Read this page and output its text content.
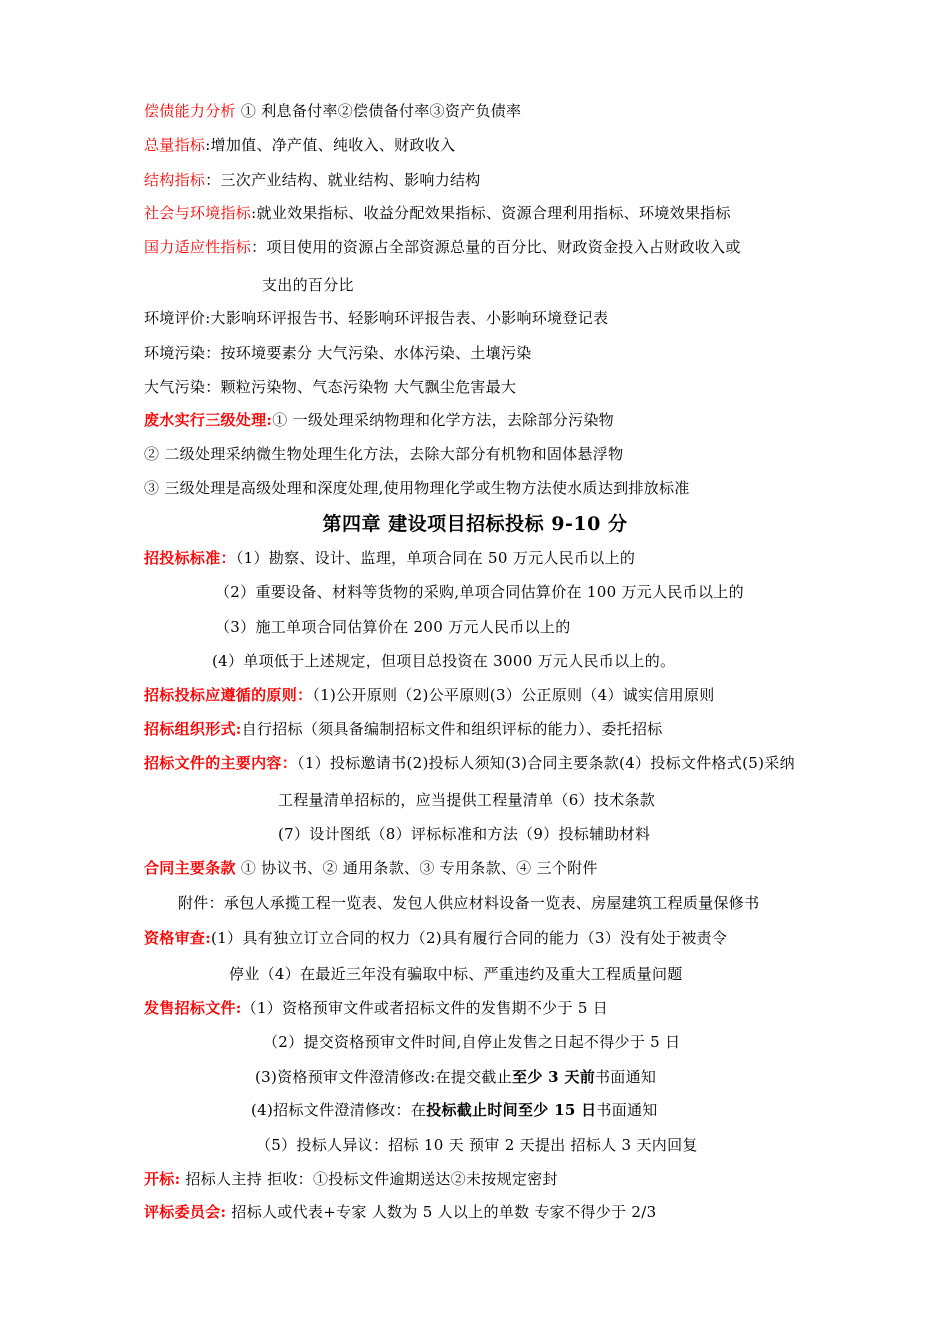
偿债能力分析 ① 利息备付率②偿债备付率③资产负债率
总量指标:增加值、净产值、纯收入、财政收入
结构指标：三次产业结构、就业结构、影响力结构
社会与环境指标:就业效果指标、收益分配效果指标、资源合理利用指标、环境效果指标
国力适应性指标：项目使用的资源占全部资源总量的百分比、财政资金投入占财政收入或
支出的百分比
环境评价:大影响环评报告书、轻影响环评报告表、小影响环境登记表
环境污染：按环境要素分 大气污染、水体污染、土壤污染
大气污染：颗粒污染物、气态污染物 大气飘尘危害最大
废水实行三级处理:① 一级处理采纳物理和化学方法，去除部分污染物
② 二级处理采纳微生物处理生化方法，去除大部分有机物和固体悬浮物
③ 三级处理是高级处理和深度处理,使用物理化学或生物方法使水质达到排放标准
第四章 建设项目招标投标 9-10 分
招投标标准：（1）勘察、设计、监理，单项合同在 50 万元人民币以上的
（2）重要设备、材料等货物的采购,单项合同估算价在 100 万元人民币以上的
（3）施工单项合同估算价在 200 万元人民币以上的
(4）单项低于上述规定，但项目总投资在 3000 万元人民币以上的。
招标投标应遵循的原则：（1)公开原则（2)公平原则(3）公正原则（4）诚实信用原则
招标组织形式:自行招标（须具备编制招标文件和组织评标的能力）、委托招标
招标文件的主要内容：（1）投标邀请书(2)投标人须知(3)合同主要条款(4）投标文件格式(5)采纳
工程量清单招标的，应当提供工程量清单（6）技术条款
(7）设计图纸（8）评标标准和方法（9）投标辅助材料
合同主要条款 ① 协议书、② 通用条款、③ 专用条款、④ 三个附件
附件：承包人承揽工程一览表、发包人供应材料设备一览表、房屋建筑工程质量保修书
资格审查:(1）具有独立订立合同的权力（2)具有履行合同的能力（3）没有处于被责令
停业（4）在最近三年没有骗取中标、严重违约及重大工程质量问题
发售招标文件:（1）资格预审文件或者招标文件的发售期不少于 5 日
（2）提交资格预审文件时间,自停止发售之日起不得少于 5 日
(3)资格预审文件澄清修改:在提交截止至少 3 天前书面通知
(4)招标文件澄清修改：在投标截止时间至少 15 日书面通知
（5）投标人异议：招标 10 天 预审 2 天提出 招标人 3 天内回复
开标: 招标人主持 拒收：①投标文件逾期送达②未按规定密封
评标委员会: 招标人或代表+专家 人数为 5 人以上的单数 专家不得少于 2/3
